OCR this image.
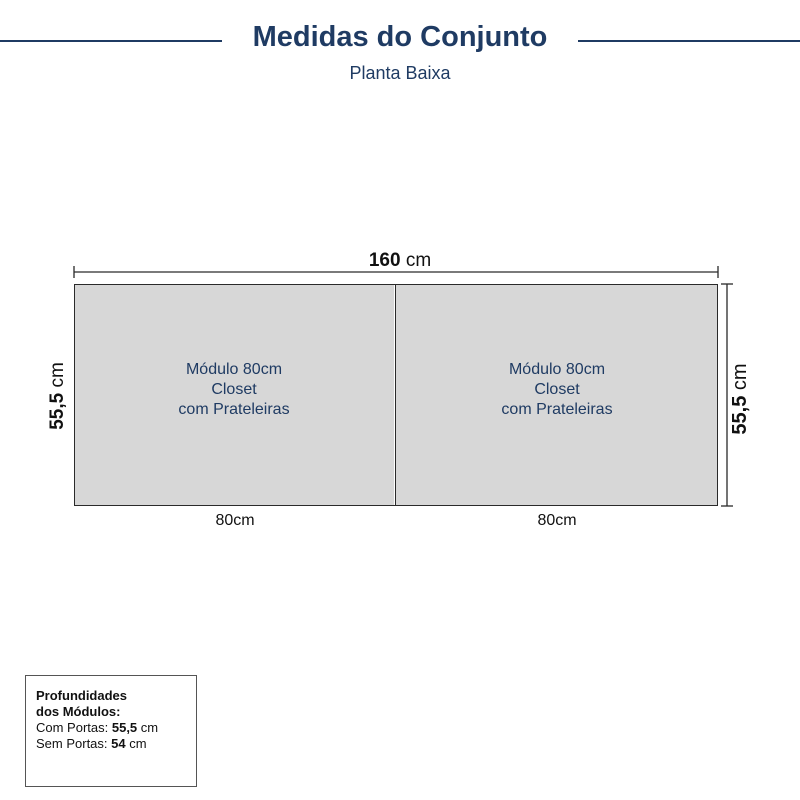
Medidas do Conjunto
Planta Baixa
160 cm
Módulo 80cm
Closet
com Prateleiras
Módulo 80cm
Closet
com Prateleiras
80cm	80cm
55,5 cm
55,5 cm
Profundidades
dos Módulos:
Com Portas: 55,5 cm
Sem Portas: 54 cm
